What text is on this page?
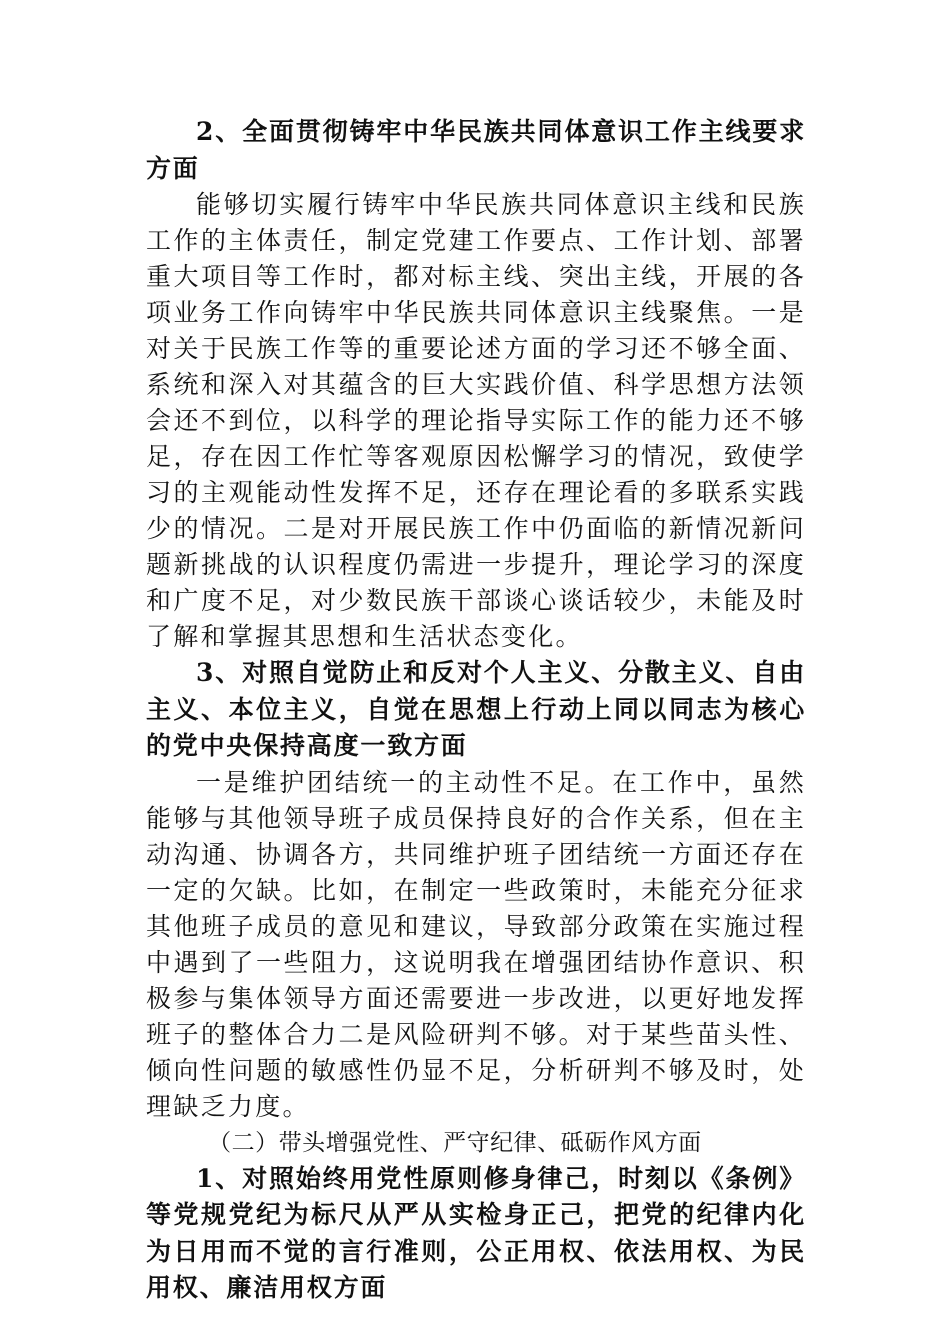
2、全面贯彻铸牢中华民族共同体意识工作主线要求方面

能够切实履行铸牢中华民族共同体意识主线和民族工作的主体责任，制定党建工作要点、工作计划、部署重大项目等工作时，都对标主线、突出主线，开展的各项业务工作向铸牢中华民族共同体意识主线聚焦。一是对关于民族工作等的重要论述方面的学习还不够全面、系统和深入对其蕴含的巨大实践价值、科学思想方法领会还不到位，以科学的理论指导实际工作的能力还不够足，存在因工作忙等客观原因松懈学习的情况，致使学习的主观能动性发挥不足，还存在理论看的多联系实践少的情况。二是对开展民族工作中仍面临的新情况新问题新挑战的认识程度仍需进一步提升，理论学习的深度和广度不足，对少数民族干部谈心谈话较少，未能及时了解和掌握其思想和生活状态变化。

3、对照自觉防止和反对个人主义、分散主义、自由主义、本位主义，自觉在思想上行动上同以同志为核心的党中央保持高度一致方面

一是维护团结统一的主动性不足。在工作中，虽然能够与其他领导班子成员保持良好的合作关系，但在主动沟通、协调各方，共同维护班子团结统一方面还存在一定的欠缺。比如，在制定一些政策时，未能充分征求其他班子成员的意见和建议，导致部分政策在实施过程中遇到了一些阻力，这说明我在增强团结协作意识、积极参与集体领导方面还需要进一步改进，以更好地发挥班子的整体合力二是风险研判不够。对于某些苗头性、倾向性问题的敏感性仍显不足，分析研判不够及时，处理缺乏力度。

（二）带头增强党性、严守纪律、砥砺作风方面

1、对照始终用党性原则修身律己，时刻以《条例》等党规党纪为标尺从严从实检身正己，把党的纪律内化为日用而不觉的言行准则，公正用权、依法用权、为民用权、廉洁用权方面
